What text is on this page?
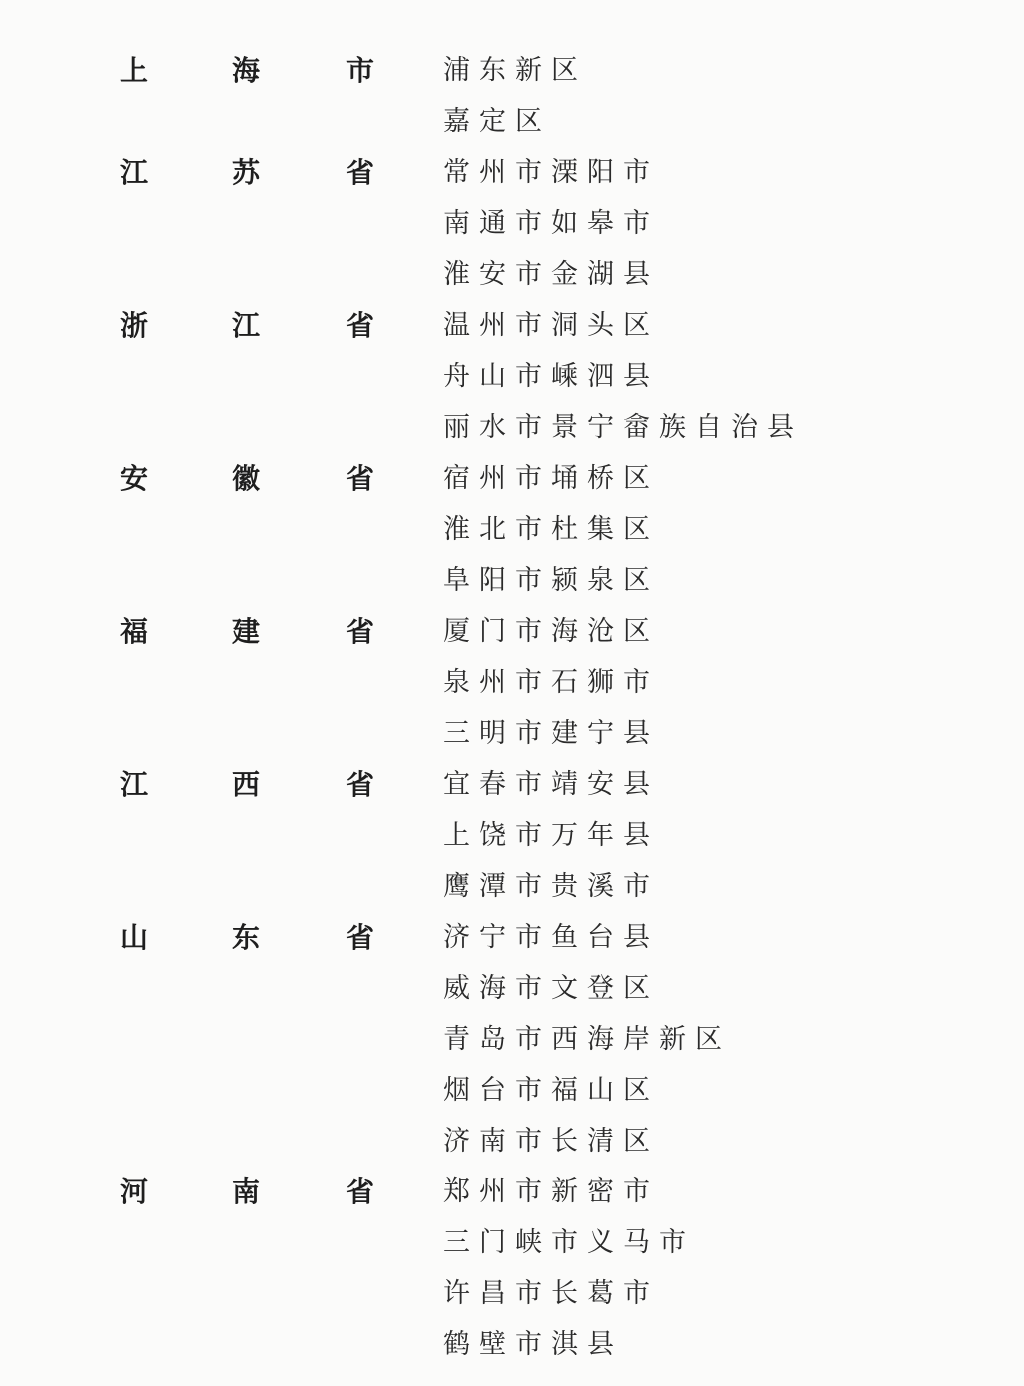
上	海	市	浦东新区
嘉定区
江	苏	省	常州市溧阳市
南通市如皋市
淮安市金湖县
浙	江	省	温州市洞头区
舟山市嵊泗县
丽水市景宁畲族自治县
安	徽	省	宿州市埇桥区
淮北市杜集区
阜阳市颍泉区
福	建	省	厦门市海沧区
泉州市石狮市
三明市建宁县
江	西	省	宜春市靖安县
上饶市万年县
鹰潭市贵溪市
山	东	省	济宁市鱼台县
威海市文登区
青岛市西海岸新区
烟台市福山区
济南市长清区
河	南	省	郑州市新密市
三门峡市义马市
许昌市长葛市
鹤壁市淇县
